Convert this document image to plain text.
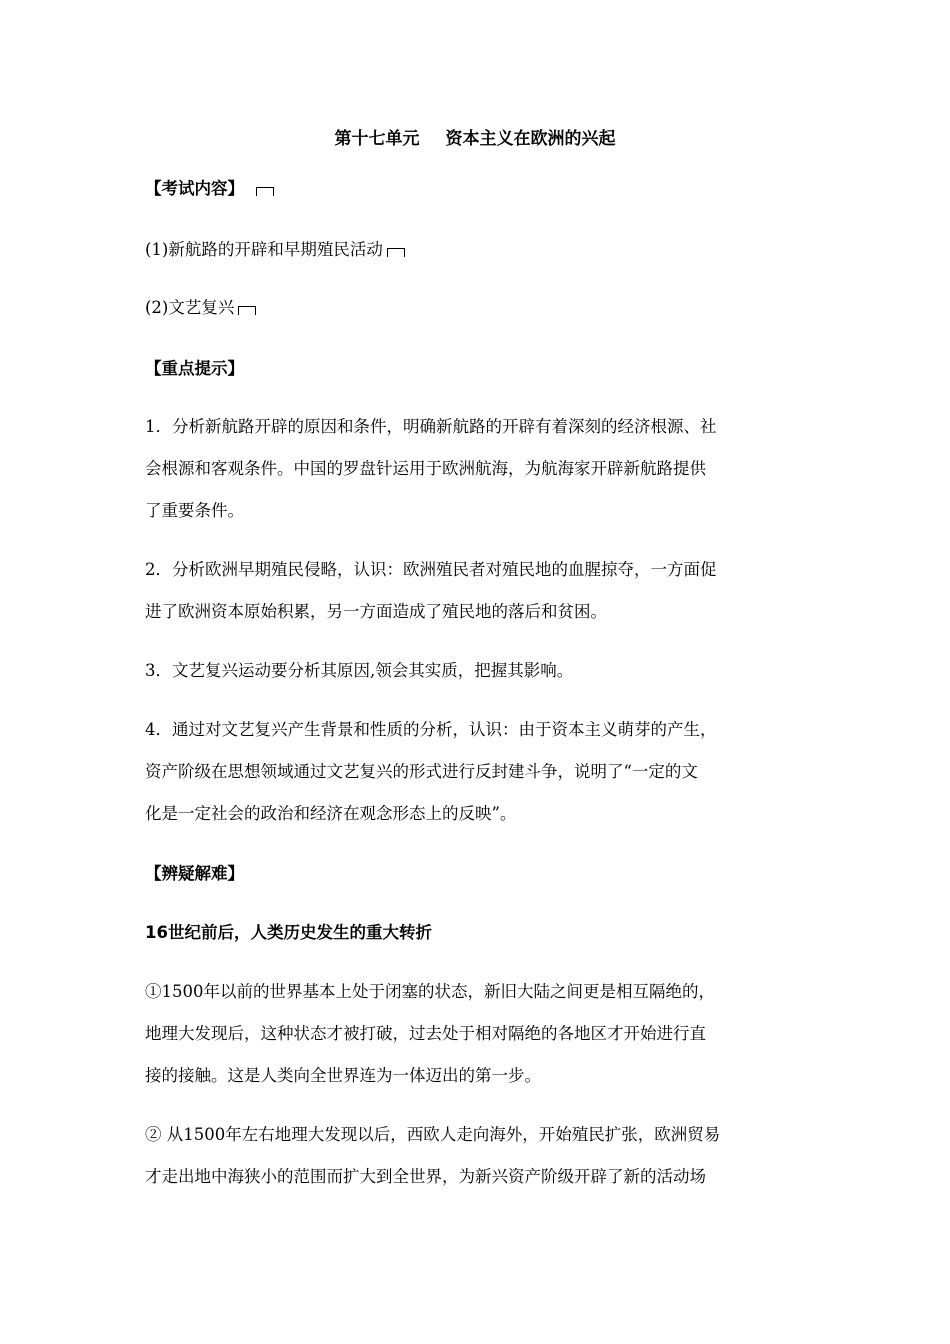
第十七单元 资本主义在欧洲的兴起
【考试内容】
(1)新航路的开辟和早期殖民活动
(2)文艺复兴
【重点提示】
1．分析新航路开辟的原因和条件，明确新航路的开辟有着深刻的经济根源、社
会根源和客观条件。中国的罗盘针运用于欧洲航海，为航海家开辟新航路提供
了重要条件。
2．分析欧洲早期殖民侵略，认识：欧洲殖民者对殖民地的血腥掠夺，一方面促
进了欧洲资本原始积累，另一方面造成了殖民地的落后和贫困。
3．文艺复兴运动要分析其原因,领会其实质，把握其影响。
4．通过对文艺复兴产生背景和性质的分析，认识：由于资本主义萌芽的产生，
资产阶级在思想领域通过文艺复兴的形式进行反封建斗争，说明了“一定的文
化是一定社会的政治和经济在观念形态上的反映”。
【辨疑解难】
16世纪前后，人类历史发生的重大转折
①1500年以前的世界基本上处于闭塞的状态，新旧大陆之间更是相互隔绝的，
地理大发现后，这种状态才被打破，过去处于相对隔绝的各地区才开始进行直
接的接触。这是人类向全世界连为一体迈出的第一步。
② 从1500年左右地理大发现以后，西欧人走向海外，开始殖民扩张，欧洲贸易
才走出地中海狭小的范围而扩大到全世界，为新兴资产阶级开辟了新的活动场
